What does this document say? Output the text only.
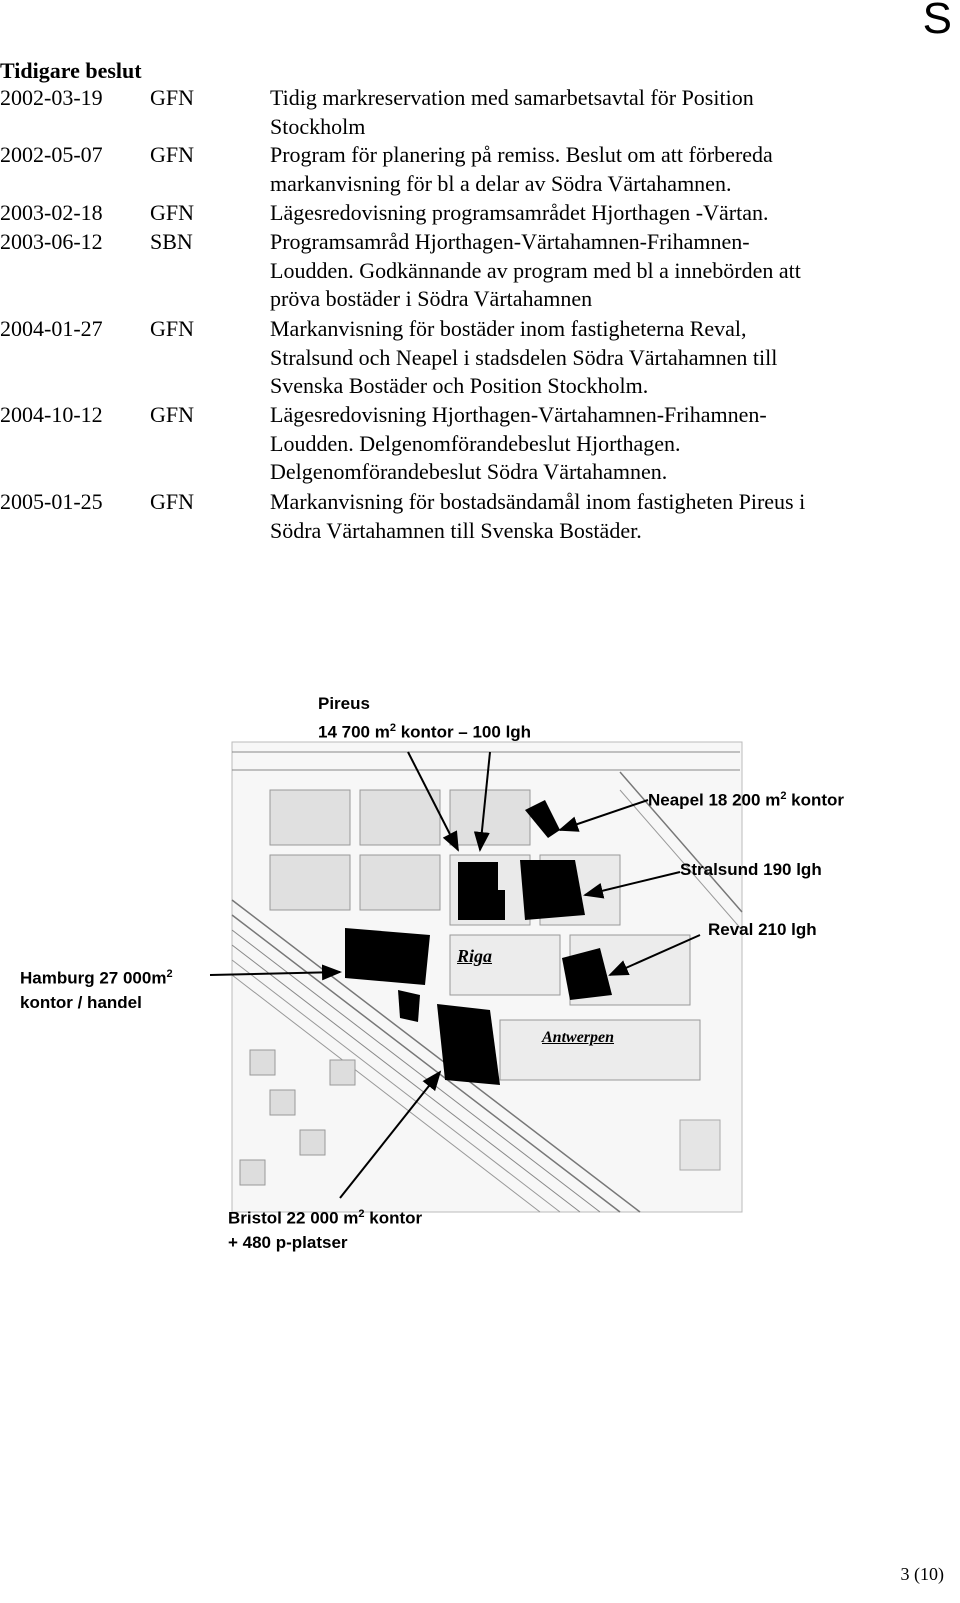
S
Tidigare beslut
2002-03-19 GFN	Tidig markreservation med samarbetsavtal för Position
Stockholm
2002-05-07 GFN	Program för planering på remiss. Beslut om att förbereda
markanvisning för bl a delar av Södra Värtahamnen.
2003-02-18 GFN	Lägesredovisning programsamrådet Hjorthagen -Värtan.
2003-06-12 SBN	Programsamråd Hjorthagen-Värtahamnen-Frihamnen-
Loudden. Godkännande av program med bl a innebörden att
pröva bostäder i Södra Värtahamnen
2004-01-27 GFN	Markanvisning för bostäder inom fastigheterna Reval,
Stralsund och Neapel i stadsdelen Södra Värtahamnen till
Svenska Bostäder och Position Stockholm.
2004-10-12 GFN	Lägesredovisning Hjorthagen-Värtahamnen-Frihamnen-
Loudden. Delgenomförandebeslut Hjorthagen.
Delgenomförandebeslut Södra Värtahamnen.
2005-01-25 GFN	Markanvisning för bostadsändamål inom fastigheten Pireus i
Södra Värtahamnen till Svenska Bostäder.
Riga
Antwerpen
Pireus
14 700 $m^2$ kontor – 100 lgh
Neapel 18 200 $m^2$ kontor
Stralsund 190 lgh
Reval 210 lgh
Hamburg 27 $000m^2$
kontor / handel
Bristol 22 000 $m^2$ kontor
+ 480 p-platser
3 (10)
